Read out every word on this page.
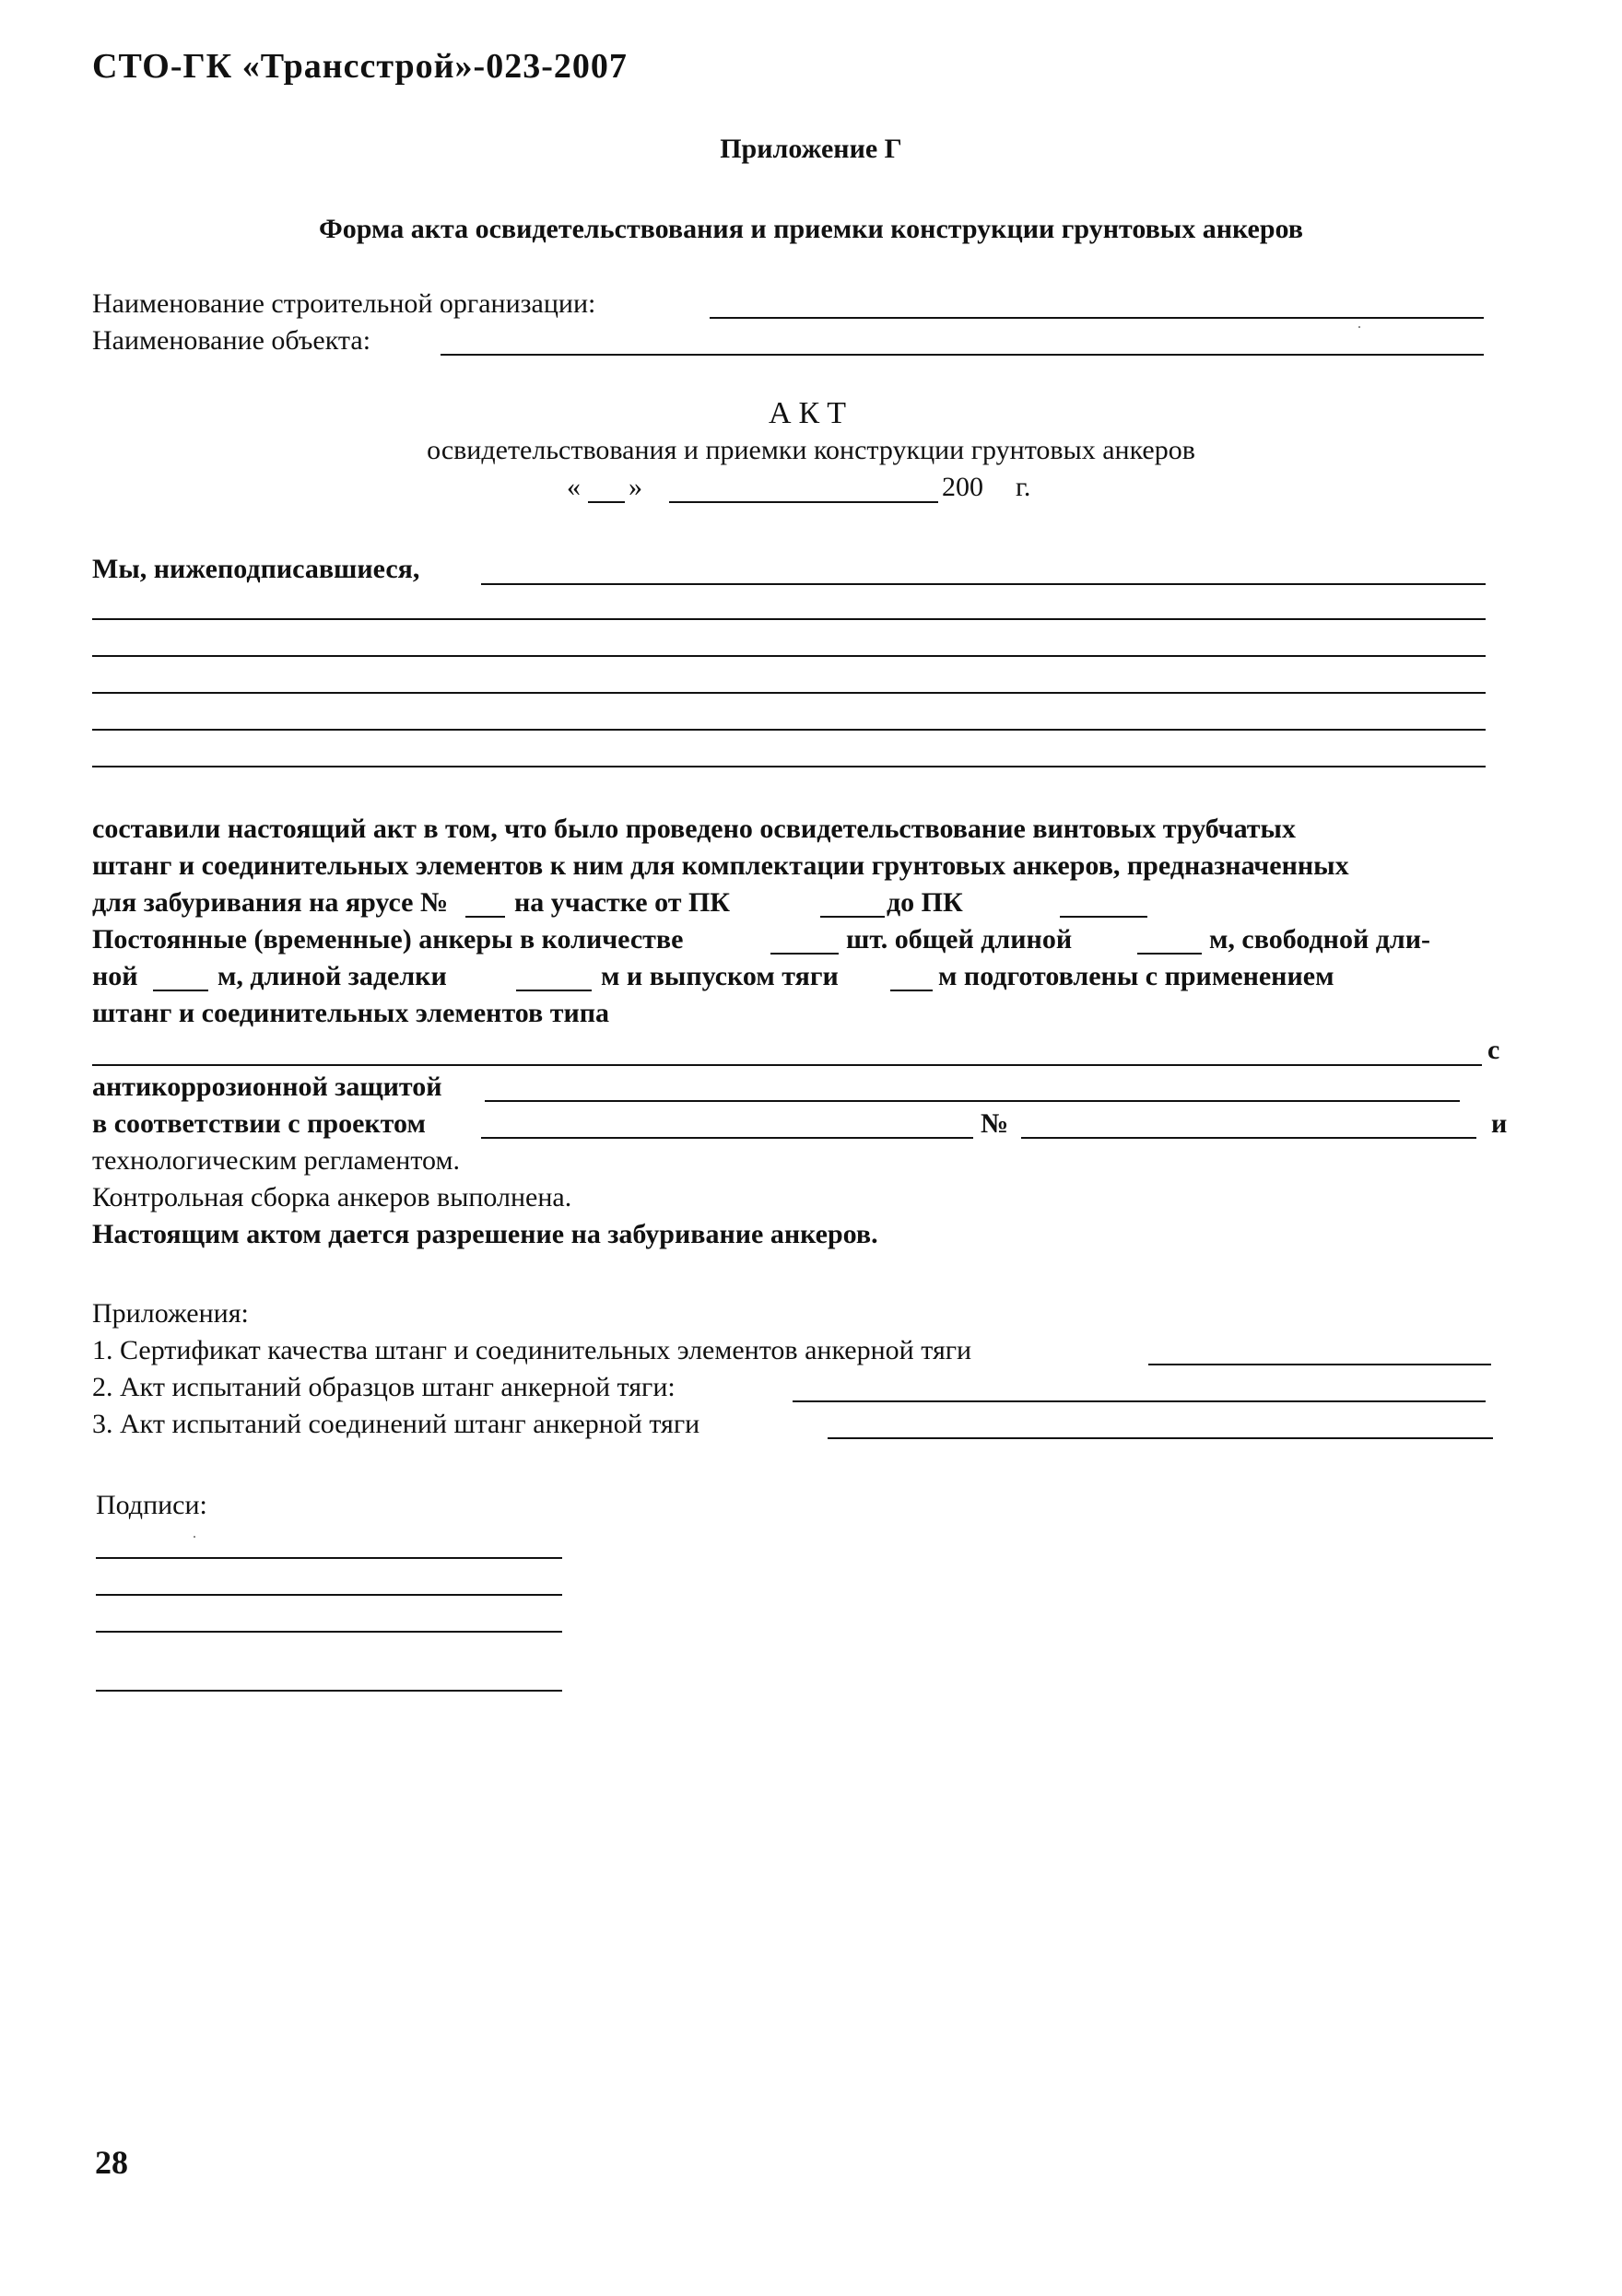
СТО-ГК «Трансстрой»-023-2007
Приложение Г
Форма акта освидетельствования и приемки конструкции грунтовых анкеров
Наименование строительной организации:
Наименование объекта:
АКТ
освидетельствования и приемки конструкции грунтовых анкеров
« »	200 г.
Мы, нижеподписавшиеся,
составили настоящий акт в том, что было проведено освидетельствование винтовых трубчатых
штанг и соединительных элементов к ним для комплектации грунтовых анкеров, предназначенных
для забуривания на ярусе № на участке от ПК	до ПК
Постоянные (временные) анкеры в количестве	шт. общей длиной	м, свободной дли-
ной	м, длиной заделки	м и выпуском тяги	м подготовлены с применением
штанг и соединительных элементов типа
с
антикоррозионной защитой
в соответствии с проектом	№	и
технологическим регламентом.
Контрольная сборка анкеров выполнена.
Настоящим актом дается разрешение на забуривание анкеров.
Приложения:
1. Сертификат качества штанг и соединительных элементов анкерной тяги
2. Акт испытаний образцов штанг анкерной тяги:
3. Акт испытаний соединений штанг анкерной тяги
Подписи:
28
·
·
